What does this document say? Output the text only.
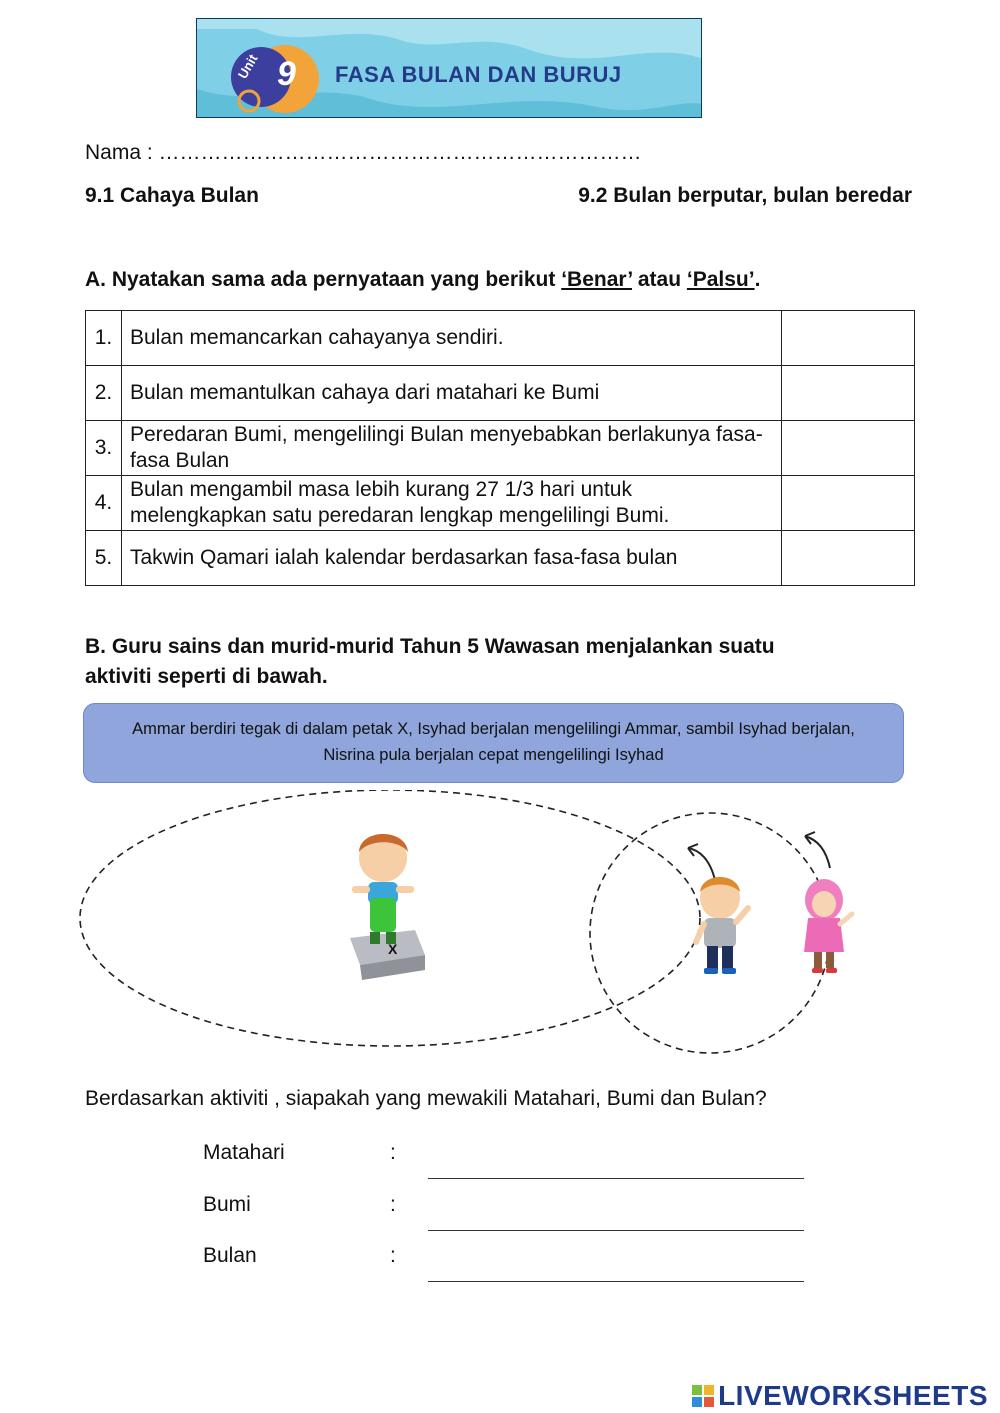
Unit 9 FASA BULAN DAN BURUJ
Nama : ……………………………………………………………
9.1 Cahaya Bulan	9.2 Bulan berputar, bulan beredar
A. Nyatakan sama ada pernyataan yang berikut ‘Benar’ atau ‘Palsu’.
1.	Bulan memancarkan cahayanya sendiri.	
2.	Bulan memantulkan cahaya dari matahari ke Bumi	
3.	Peredaran Bumi, mengelilingi Bulan menyebabkan berlakunya fasa-fasa Bulan	
4.	Bulan mengambil masa lebih kurang 27 1/3 hari untuk melengkapkan satu peredaran lengkap mengelilingi Bumi.	
5.	Takwin Qamari ialah kalendar berdasarkan fasa-fasa bulan	
B. Guru sains dan murid-murid Tahun 5 Wawasan menjalankan suatu
aktiviti seperti di bawah.
Ammar berdiri tegak di dalam petak X, Isyhad berjalan mengelilingi Ammar, sambil Isyhad berjalan,
Nisrina pula berjalan cepat mengelilingi Isyhad
X
Berdasarkan aktiviti , siapakah yang mewakili Matahari, Bumi dan Bulan?
Matahari	:
Bumi	:
Bulan	:
LIVEWORKSHEETS
